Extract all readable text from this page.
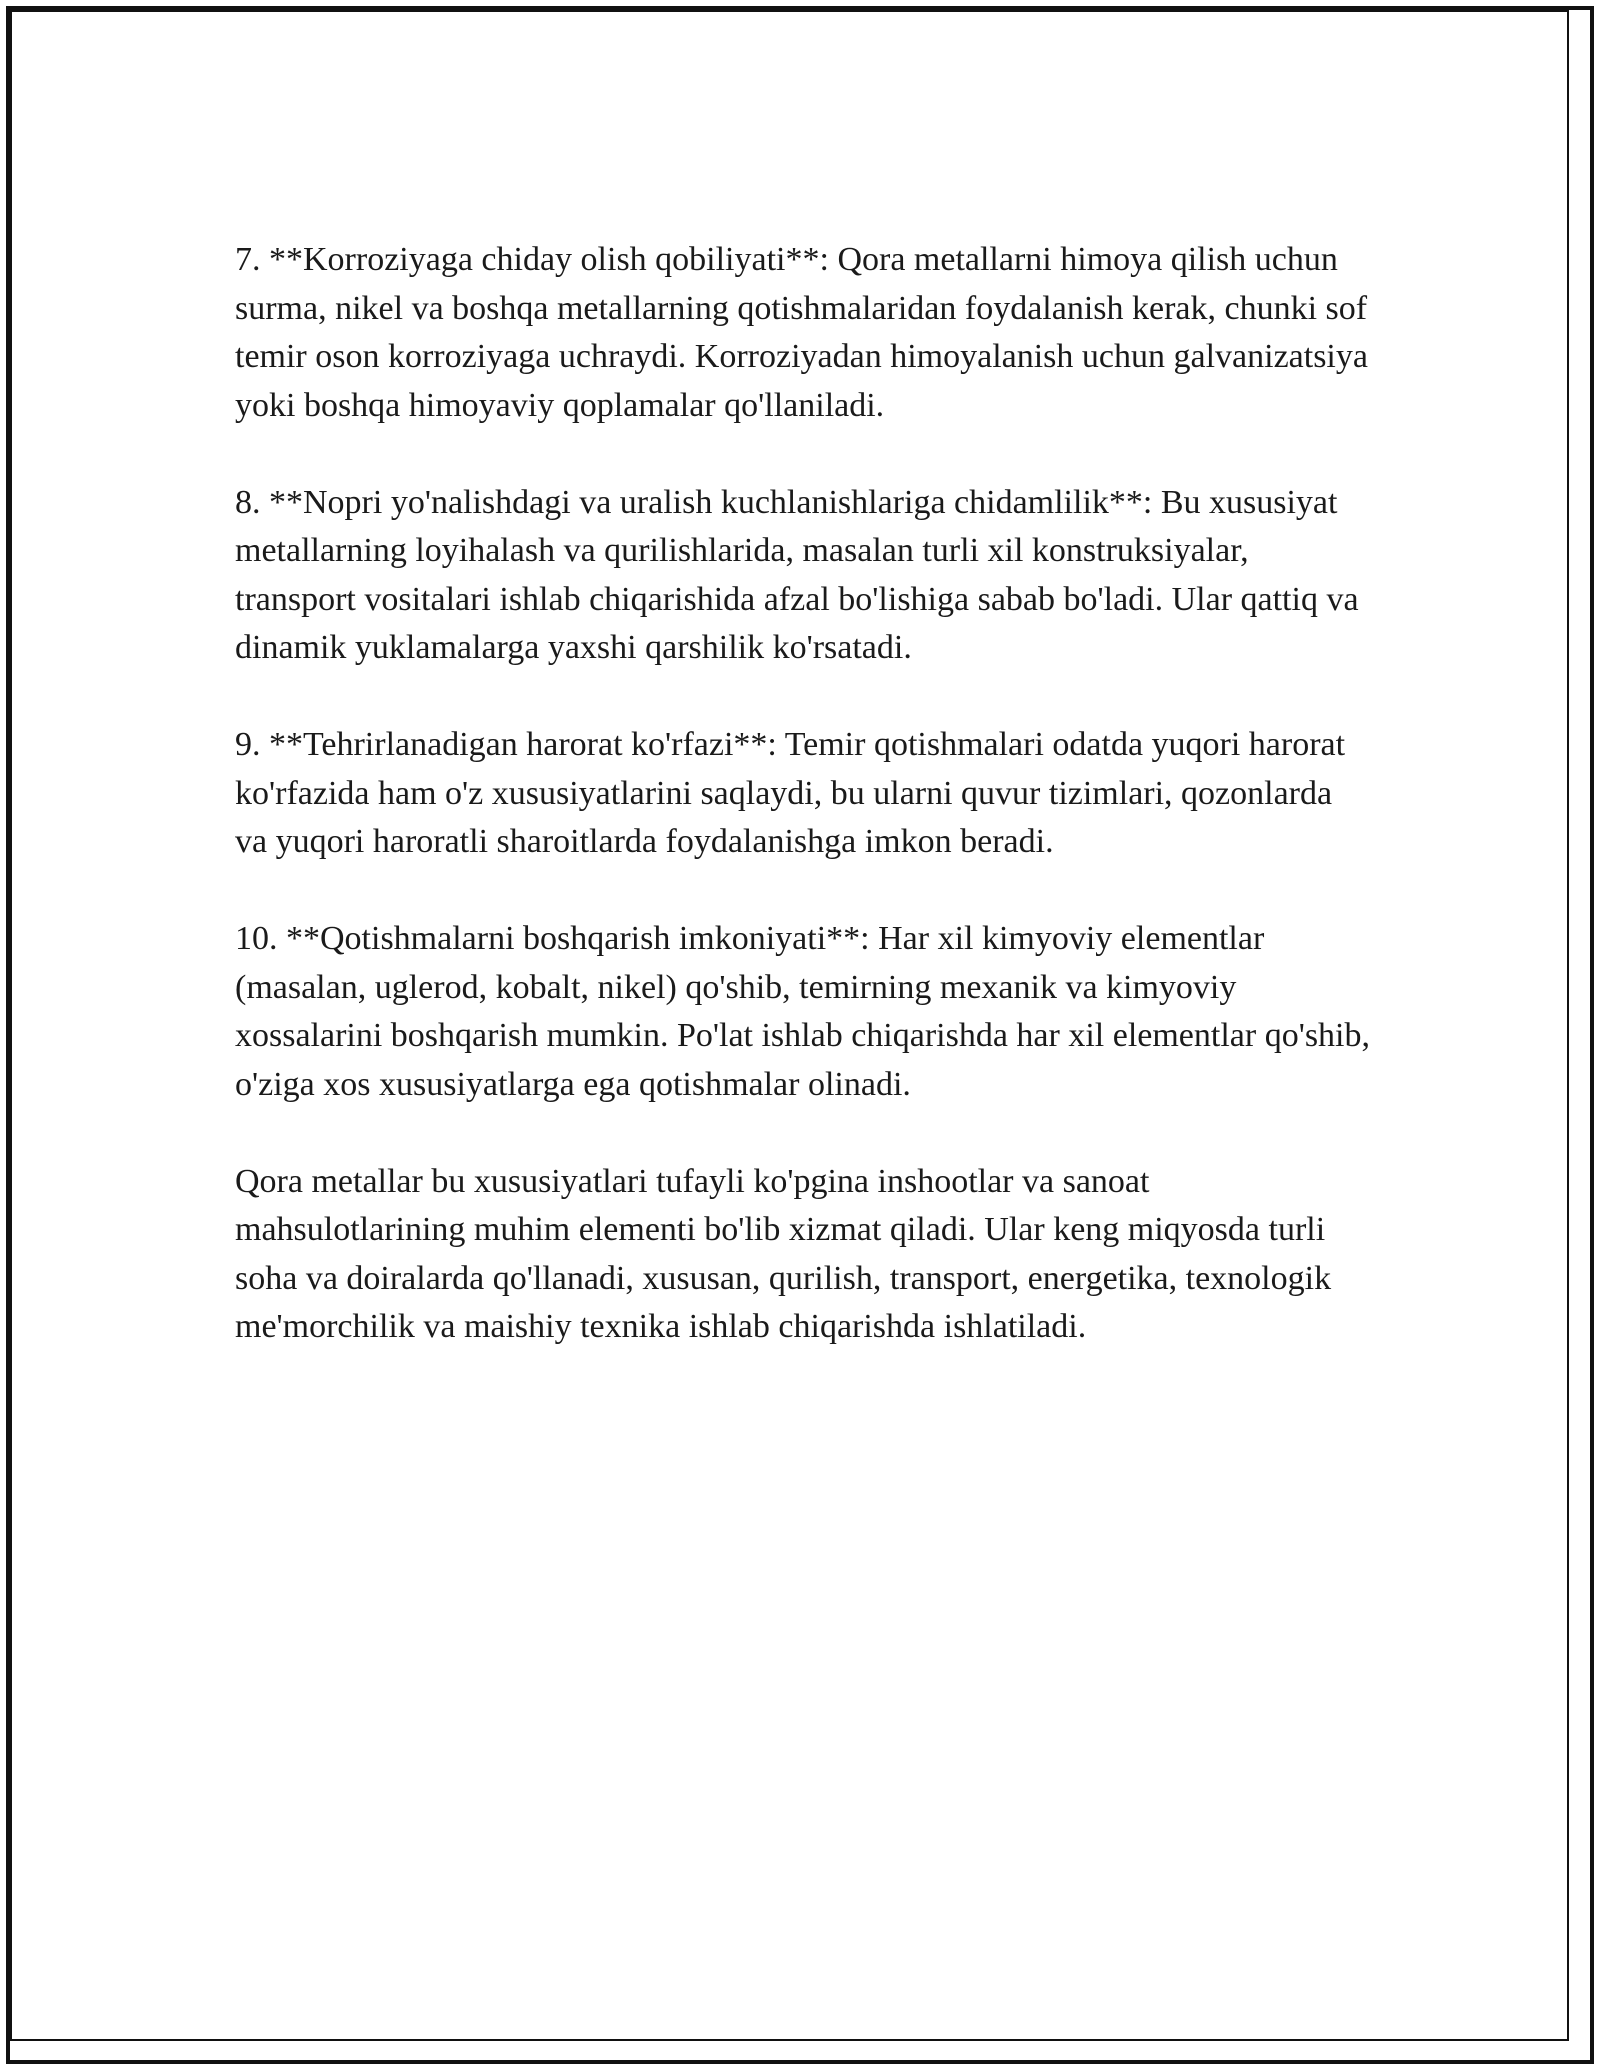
7. **Korroziyaga chiday olish qobiliyati**: Qora metallarni himoya qilish uchun surma, nikel va boshqa metallarning qotishmalaridan foydalanish kerak, chunki sof temir oson korroziyaga uchraydi. Korroziyadan himoyalanish uchun galvanizatsiya yoki boshqa himoyaviy qoplamalar qo'llaniladi.

8. **Nopri yo'nalishdagi va uralish kuchlanishlariga chidamlilik**: Bu xususiyat metallarning loyihalash va qurilishlarida, masalan turli xil konstruksiyalar, transport vositalari ishlab chiqarishida afzal bo'lishiga sabab bo'ladi. Ular qattiq va dinamik yuklamalarga yaxshi qarshilik ko'rsatadi.

9. **Tehrirlanadigan harorat ko'rfazi**: Temir qotishmalari odatda yuqori harorat ko'rfazida ham o'z xususiyatlarini saqlaydi, bu ularni quvur tizimlari, qozonlarda va yuqori haroratli sharoitlarda foydalanishga imkon beradi.

10. **Qotishmalarni boshqarish imkoniyati**: Har xil kimyoviy elementlar (masalan, uglerod, kobalt, nikel) qo'shib, temirning mexanik va kimyoviy xossalarini boshqarish mumkin. Po'lat ishlab chiqarishda har xil elementlar qo'shib, o'ziga xos xususiyatlarga ega qotishmalar olinadi.

Qora metallar bu xususiyatlari tufayli ko'pgina inshootlar va sanoat mahsulotlarining muhim elementi bo'lib xizmat qiladi. Ular keng miqyosda turli soha va doiralarda qo'llanadi, xususan, qurilish, transport, energetika, texnologik me'morchilik va maishiy texnika ishlab chiqarishda ishlatiladi.
